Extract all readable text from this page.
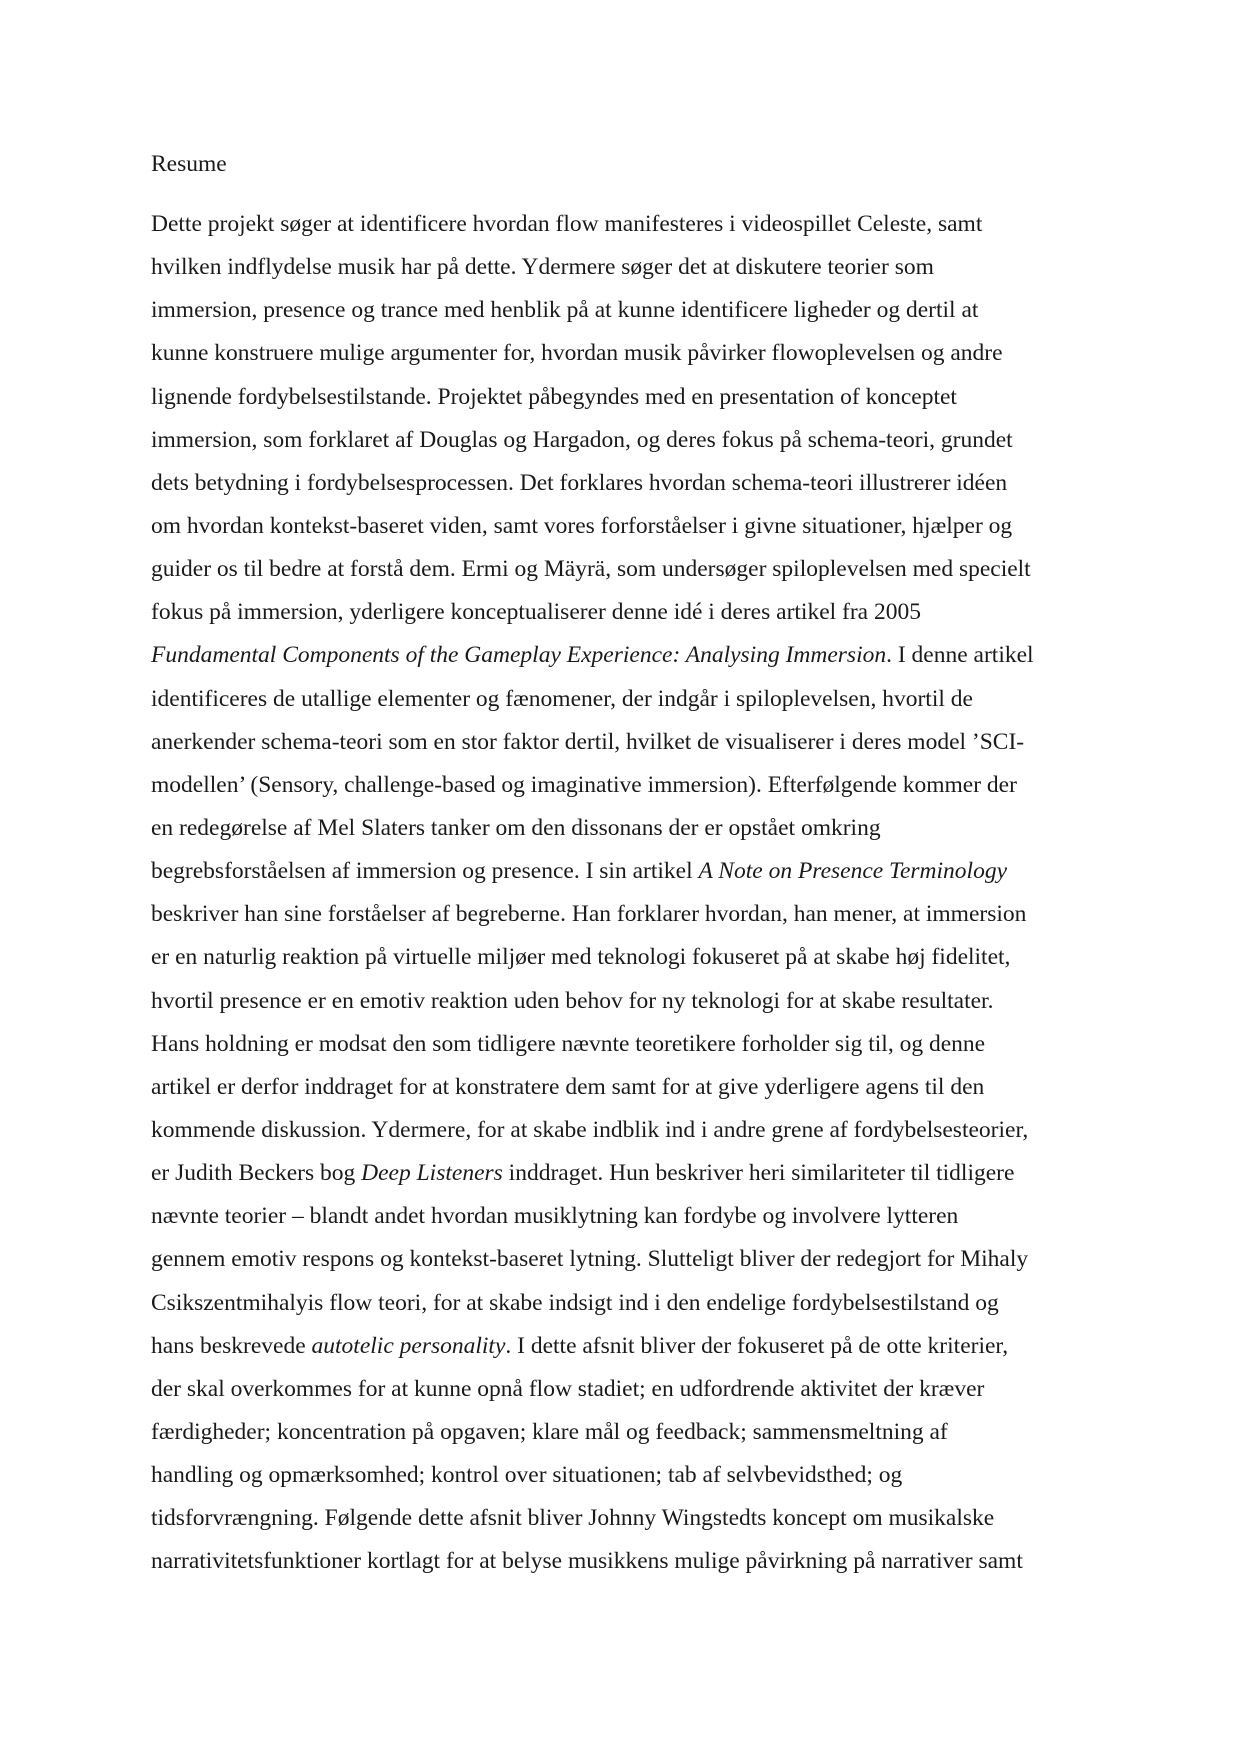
Resume
Dette projekt søger at identificere hvordan flow manifesteres i videospillet Celeste, samt
hvilken indflydelse musik har på dette. Ydermere søger det at diskutere teorier som
immersion, presence og trance med henblik på at kunne identificere ligheder og dertil at
kunne konstruere mulige argumenter for, hvordan musik påvirker flowoplevelsen og andre
lignende fordybelsestilstande. Projektet påbegyndes med en presentation of konceptet
immersion, som forklaret af Douglas og Hargadon, og deres fokus på schema-teori, grundet
dets betydning i fordybelsesprocessen. Det forklares hvordan schema-teori illustrerer idéen
om hvordan kontekst-baseret viden, samt vores forforståelser i givne situationer, hjælper og
guider os til bedre at forstå dem. Ermi og Mäyrä, som undersøger spiloplevelsen med specielt
fokus på immersion, yderligere konceptualiserer denne idé i deres artikel fra 2005
Fundamental Components of the Gameplay Experience: Analysing Immersion. I denne artikel
identificeres de utallige elementer og fænomener, der indgår i spiloplevelsen, hvortil de
anerkender schema-teori som en stor faktor dertil, hvilket de visualiserer i deres model ’SCI-
modellen’ (Sensory, challenge-based og imaginative immersion). Efterfølgende kommer der
en redegørelse af Mel Slaters tanker om den dissonans der er opstået omkring
begrebsforståelsen af immersion og presence. I sin artikel A Note on Presence Terminology
beskriver han sine forståelser af begreberne. Han forklarer hvordan, han mener, at immersion
er en naturlig reaktion på virtuelle miljøer med teknologi fokuseret på at skabe høj fidelitet,
hvortil presence er en emotiv reaktion uden behov for ny teknologi for at skabe resultater.
Hans holdning er modsat den som tidligere nævnte teoretikere forholder sig til, og denne
artikel er derfor inddraget for at konstratere dem samt for at give yderligere agens til den
kommende diskussion. Ydermere, for at skabe indblik ind i andre grene af fordybelsesteorier,
er Judith Beckers bog Deep Listeners inddraget. Hun beskriver heri similariteter til tidligere
nævnte teorier – blandt andet hvordan musiklytning kan fordybe og involvere lytteren
gennem emotiv respons og kontekst-baseret lytning. Slutteligt bliver der redegjort for Mihaly
Csikszentmihalyis flow teori, for at skabe indsigt ind i den endelige fordybelsestilstand og
hans beskrevede autotelic personality. I dette afsnit bliver der fokuseret på de otte kriterier,
der skal overkommes for at kunne opnå flow stadiet; en udfordrende aktivitet der kræver
færdigheder; koncentration på opgaven; klare mål og feedback; sammensmeltning af
handling og opmærksomhed; kontrol over situationen; tab af selvbevidsthed; og
tidsforvrængning. Følgende dette afsnit bliver Johnny Wingstedts koncept om musikalske
narrativitetsfunktioner kortlagt for at belyse musikkens mulige påvirkning på narrativer samt
